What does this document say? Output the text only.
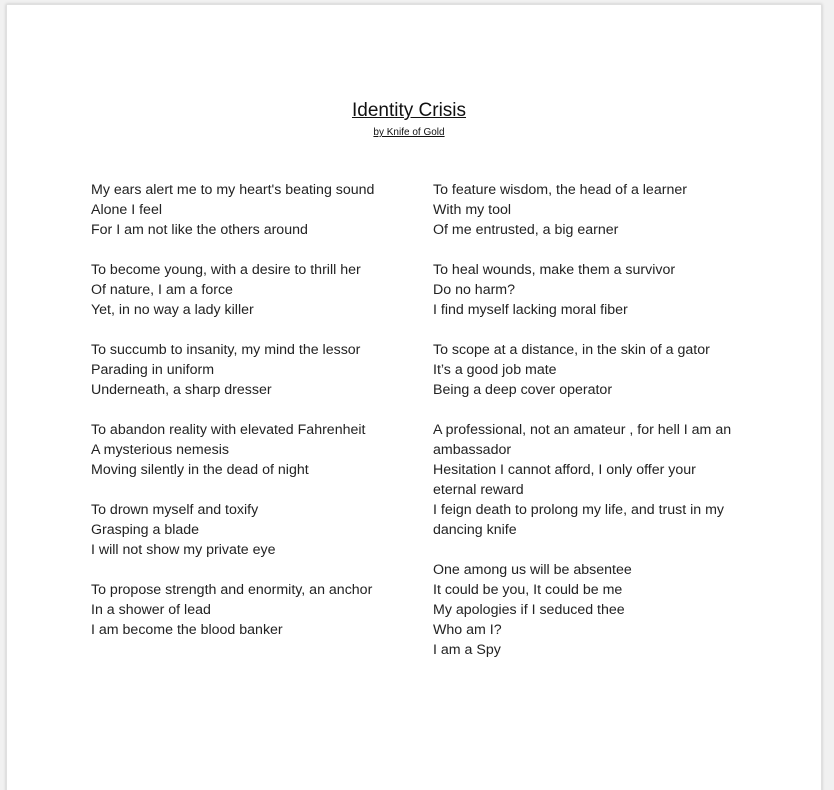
Identity Crisis
by Knife of Gold
My ears alert me to my heart's beating sound
Alone I feel
For I am not like the others around
To become young, with a desire to thrill her
Of nature, I am a force
Yet, in no way a lady killer
To succumb to insanity, my mind the lessor
Parading in uniform
Underneath, a sharp dresser
To abandon reality with elevated Fahrenheit
A mysterious nemesis
Moving silently in the dead of night
To drown myself and toxify
Grasping a blade
I will not show my private eye
To propose strength and enormity, an anchor
In a shower of lead
I am become the blood banker
To feature wisdom, the head of a learner
With my tool
Of me entrusted, a big earner
To heal wounds, make them a survivor
Do no harm?
I find myself lacking moral fiber
To scope at a distance, in the skin of a gator
It’s a good job mate
Being a deep cover operator
A professional, not an amateur , for hell I am an ambassador
Hesitation I cannot afford, I only offer your eternal reward
I feign death to prolong my life, and trust in my dancing knife
One among us will be absentee
It could be you, It could be me
My apologies if I seduced thee
Who am I?
I am a Spy
